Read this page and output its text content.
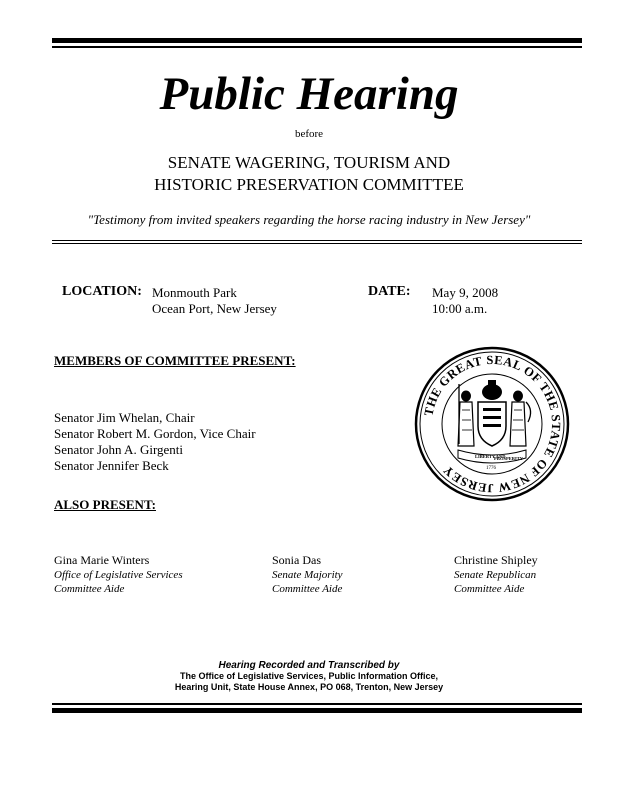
Public Hearing

before

SENATE WAGERING, TOURISM AND
HISTORIC PRESERVATION COMMITTEE

"Testimony from invited speakers regarding the horse racing industry in New Jersey"

LOCATION: Monmouth Park
Ocean Port, New Jersey
DATE: May 9, 2008
10:00 a.m.
MEMBERS OF COMMITTEE PRESENT:
Senator Jim Whelan, Chair
Senator Robert M. Gordon, Vice Chair
Senator John A. Girgenti
Senator Jennifer Beck
THE GREAT SEAL OF THE STATE OF NEW JERSEY
LIBERTY AND
PROSPERITY
1776
ALSO PRESENT:
Gina Marie Winters
Office of Legislative Services
Committee Aide
Sonia Das
Senate Majority
Committee Aide
Christine Shipley
Senate Republican
Committee Aide
Hearing Recorded and Transcribed by
The Office of Legislative Services, Public Information Office,
Hearing Unit, State House Annex, PO 068, Trenton, New Jersey
